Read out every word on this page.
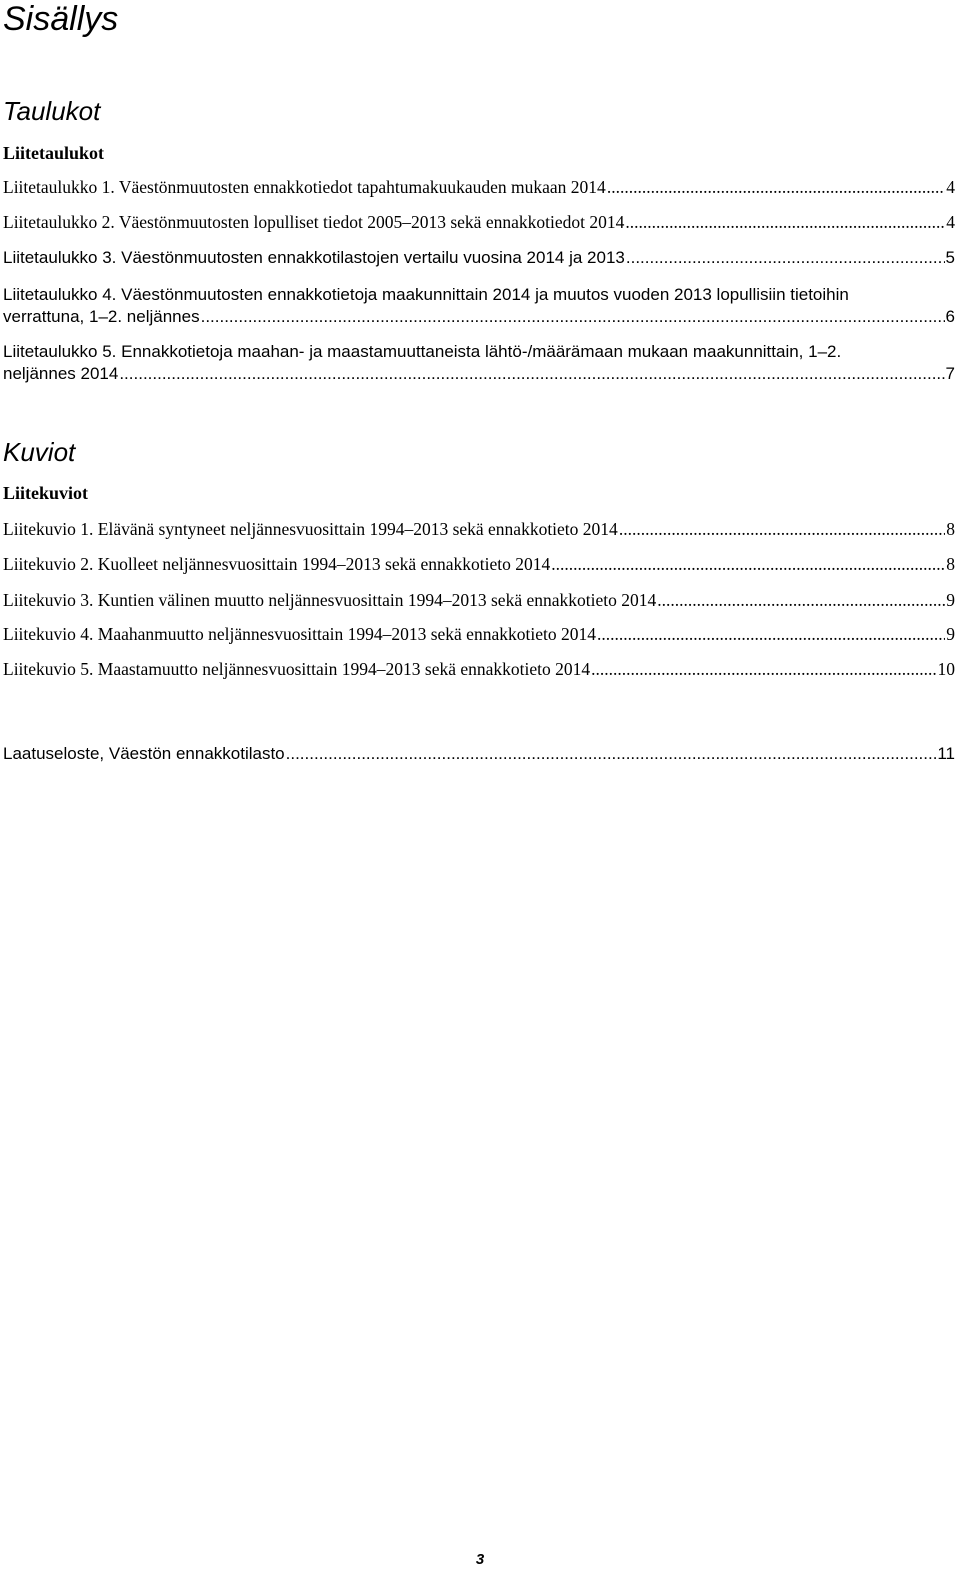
Sisällys
Taulukot
Liitetaulukot
Liitetaulukko 1. Väestönmuutosten ennakkotiedot tapahtumakuukauden mukaan 2014 .....	4
Liitetaulukko 2. Väestönmuutosten lopulliset tiedot 2005–2013 sekä ennakkotiedot 2014 .....	4
Liitetaulukko 3. Väestönmuutosten ennakkotilastojen vertailu vuosina 2014 ja 2013 .....	5
Liitetaulukko 4. Väestönmuutosten ennakkotietoja maakunnittain 2014 ja muutos vuoden 2013 lopullisiin tietoihin
verrattuna, 1–2. neljännes .....	6
Liitetaulukko 5. Ennakkotietoja maahan- ja maastamuuttaneista lähtö-/määrämaan mukaan maakunnittain, 1–2.
neljännes 2014 .....	7
Kuviot
Liitekuviot
Liitekuvio 1. Elävänä syntyneet neljännesvuosittain 1994–2013 sekä ennakkotieto 2014 .....	8
Liitekuvio 2. Kuolleet neljännesvuosittain 1994–2013 sekä ennakkotieto 2014 .....	8
Liitekuvio 3. Kuntien välinen muutto neljännesvuosittain 1994–2013 sekä ennakkotieto 2014 .....	9
Liitekuvio 4. Maahanmuutto neljännesvuosittain 1994–2013 sekä ennakkotieto 2014 .....	9
Liitekuvio 5. Maastamuutto neljännesvuosittain 1994–2013 sekä ennakkotieto 2014 .....	10
Laatuseloste, Väestön ennakkotilasto .....	11
3
